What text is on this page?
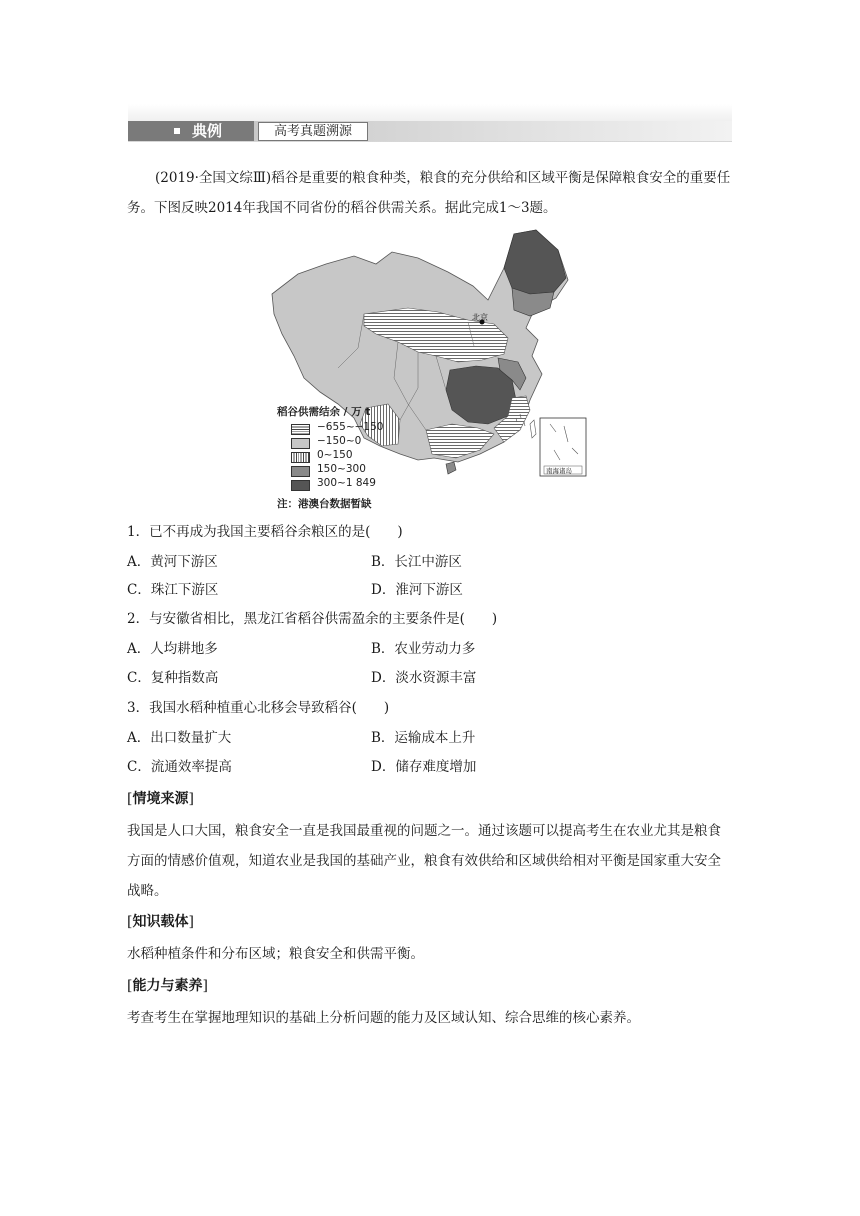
典例	高考真题溯源

(2019·全国文综Ⅲ)稻谷是重要的粮食种类，粮食的充分供给和区域平衡是保障粮食安全的重要任务。下图反映2014年我国不同省份的稻谷供需关系。据此完成1～3题。

北京
南海诸岛
稻谷供需结余 / 万 t
−655~−150
−150~0
0~150
150~300
300~1 849
注：港澳台数据暂缺
1．已不再成为我国主要稻谷余粮区的是(　　)
A．黄河下游区	B．长江中游区
C．珠江下游区	D．淮河下游区
2．与安徽省相比，黑龙江省稻谷供需盈余的主要条件是(　　)
A．人均耕地多	B．农业劳动力多
C．复种指数高	D．淡水资源丰富
3．我国水稻种植重心北移会导致稻谷(　　)
A．出口数量扩大	B．运输成本上升
C．流通效率提高	D．储存难度增加
[情境来源]

我国是人口大国，粮食安全一直是我国最重视的问题之一。通过该题可以提高考生在农业尤其是粮食方面的情感价值观，知道农业是我国的基础产业，粮食有效供给和区域供给相对平衡是国家重大安全战略。

[知识载体]

水稻种植条件和分布区域；粮食安全和供需平衡。

[能力与素养]

考查考生在掌握地理知识的基础上分析问题的能力及区域认知、综合思维的核心素养。
